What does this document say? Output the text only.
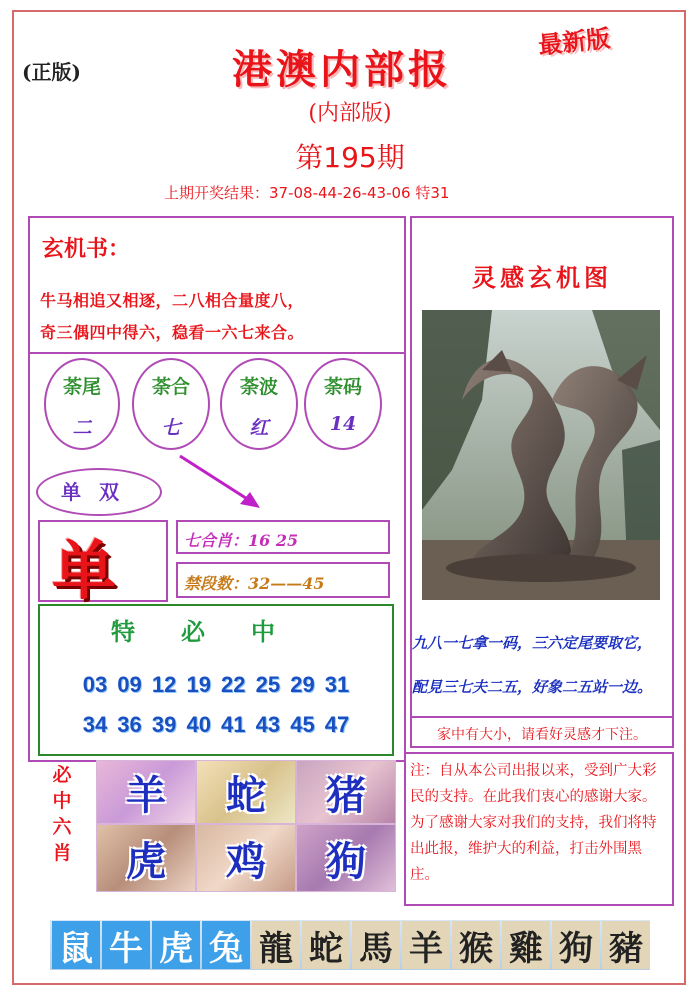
(正版)
最新版
港澳内部报
(内部版)
第195期
上期开奖结果：37-08-44-26-43-06 特31
玄机书：
牛马相追又相逐，二八相合量度八，
奇三偶四中得六，稳看一六七来合。
荼尾
二
荼合
七
荼波
红
荼码
14
单双
单	七合肖：16 25
禁段数：32——45
特必中
03 09 12 19 22 25 29 31
34 36 39 40 41 43 45 47
必
中
六
肖
羊	蛇	猪
虎	鸡	狗
灵感玄机图
九八一七拿一码，三六定尾要取它，
配見三七夫二五，好象二五站一边。
家中有大小，请看好灵感才下注。
注：自从本公司出报以来，受到广大彩民的支持。在此我们衷心的感谢大家。为了感谢大家对我们的支持，我们将特出此报，维护大的利益，打击外围黑庄。
鼠 牛 虎 兔 龍 蛇 馬 羊 猴 雞 狗 豬
